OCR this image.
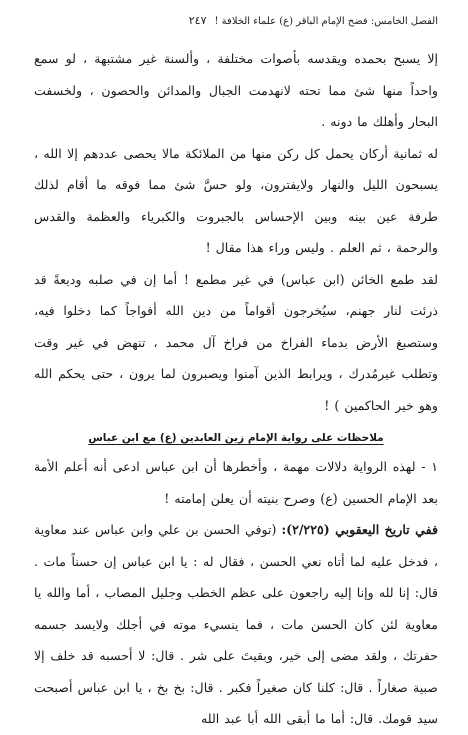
الفصل الخامس: فضح الإمام الباقر (ع) علماء الخلافة !
٢٤٧

إلا يسبح بحمده ويقدسه بأصوات مختلفة ، وألسنة غير مشتبهة ، لو سمع واحداً منها شئ مما تحته لانهدمت الجبال والمدائن والحصون ، ولخسفت البحار وأهلك ما دونه .

له ثمانية أركان يحمل كل ركن منها من الملائكة مالا يحصى عددهم إلا الله ، يسبحون الليل والنهار ولايفترون، ولو حسَّ شئ مما فوقه ما أقام لذلك طرفة عين بينه وبين الإحساس بالجبروت والكبرياء والعظمة والقدس والرحمة ، ثم العلم . وليس وراء هذا مقال !

لقد طمع الخائن (ابن عباس) في غير مطمع ! أما إن في صلبه وديعةً قد ذرئت لنار جهنم، سيُخرجون أقواماً من دين الله أفواجاً كما دخلوا فيه، وستصبغ الأرض بدماء الفراخ من فراخ آل محمد ، تنهض في غير وقت وتطلب غيرمُدرك ، ويرابط الذين آمنوا ويصبرون لما يرون ، حتى يحكم الله وهو خير الحاكمين ) !

ملاحظات على رواية الإمام زين العابدين (ع) مع ابن عباس

١ - لهذه الرواية دلالات مهمة ، وأخطرها أن ابن عباس ادعى أنه أعلم الأمة بعد الإمام الحسين (ع) وصرح بنيته أن يعلن إمامته !

ففي تاريخ اليعقوبي (٢/٢٢٥): (توفي الحسن بن علي وابن عباس عند معاوية ، فدخل عليه لما أتاه نعي الحسن ، فقال له : يا ابن عباس إن حسناً مات . قال: إنا لله وإنا إليه راجعون على عظم الخطب وجليل المصاب ، أما والله يا معاوية لئن كان الحسن مات ، فما ينسيء موته في أجلك ولايسد جسمه حفرتك ، ولقد مضى إلى خير، وبقيتَ على شر . قال: لا أحسبه قد خلف إلا صبية صغاراً . قال: كلنا كان صغيراً فكبر . قال: بخ بخ ، يا ابن عباس أصبحت سيد قومك. قال: أما ما أبقى الله أبا عبد الله
